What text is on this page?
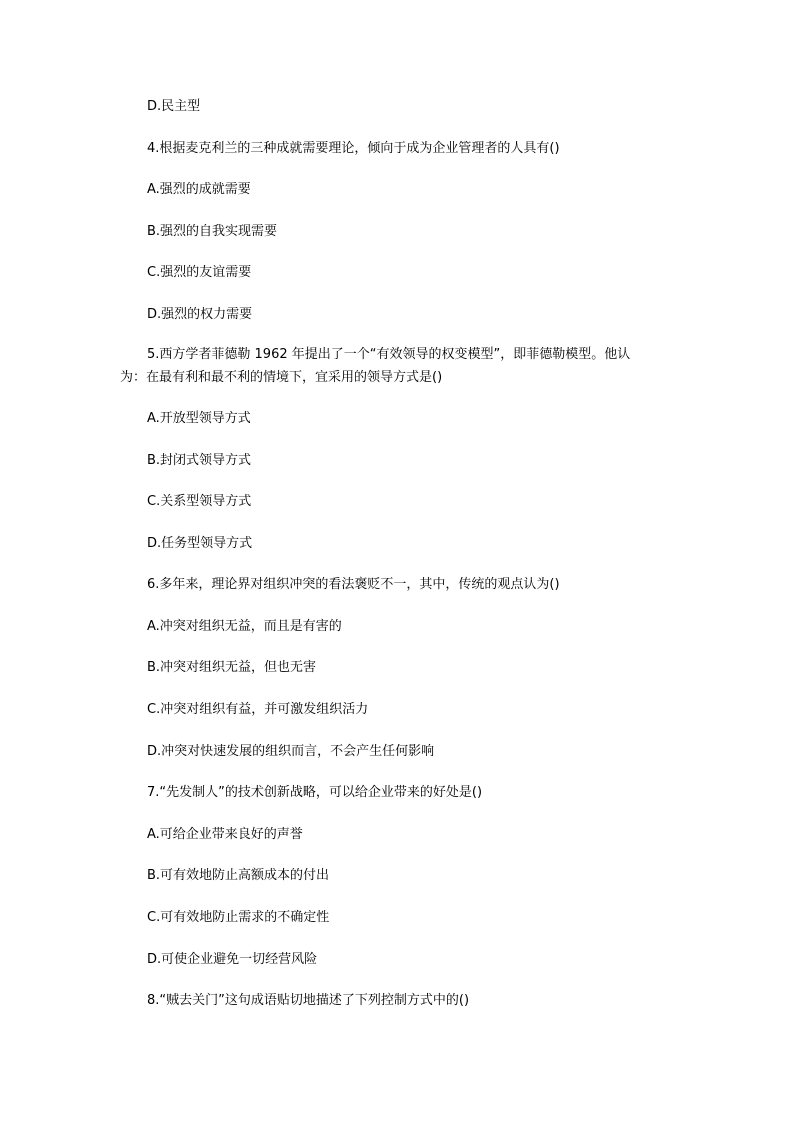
D.民主型
4.根据麦克利兰的三种成就需要理论，倾向于成为企业管理者的人具有()
A.强烈的成就需要
B.强烈的自我实现需要
C.强烈的友谊需要
D.强烈的权力需要
5.西方学者菲德勒 1962 年提出了一个“有效领导的权变模型”，即菲德勒模型。他认
为：在最有利和最不利的情境下，宜采用的领导方式是()
A.开放型领导方式
B.封闭式领导方式
C.关系型领导方式
D.任务型领导方式
6.多年来，理论界对组织冲突的看法褒贬不一，其中，传统的观点认为()
A.冲突对组织无益，而且是有害的
B.冲突对组织无益，但也无害
C.冲突对组织有益，并可激发组织活力
D.冲突对快速发展的组织而言，不会产生任何影响
7.“先发制人”的技术创新战略，可以给企业带来的好处是()
A.可给企业带来良好的声誉
B.可有效地防止高额成本的付出
C.可有效地防止需求的不确定性
D.可使企业避免一切经营风险
8.“贼去关门”这句成语贴切地描述了下列控制方式中的()
